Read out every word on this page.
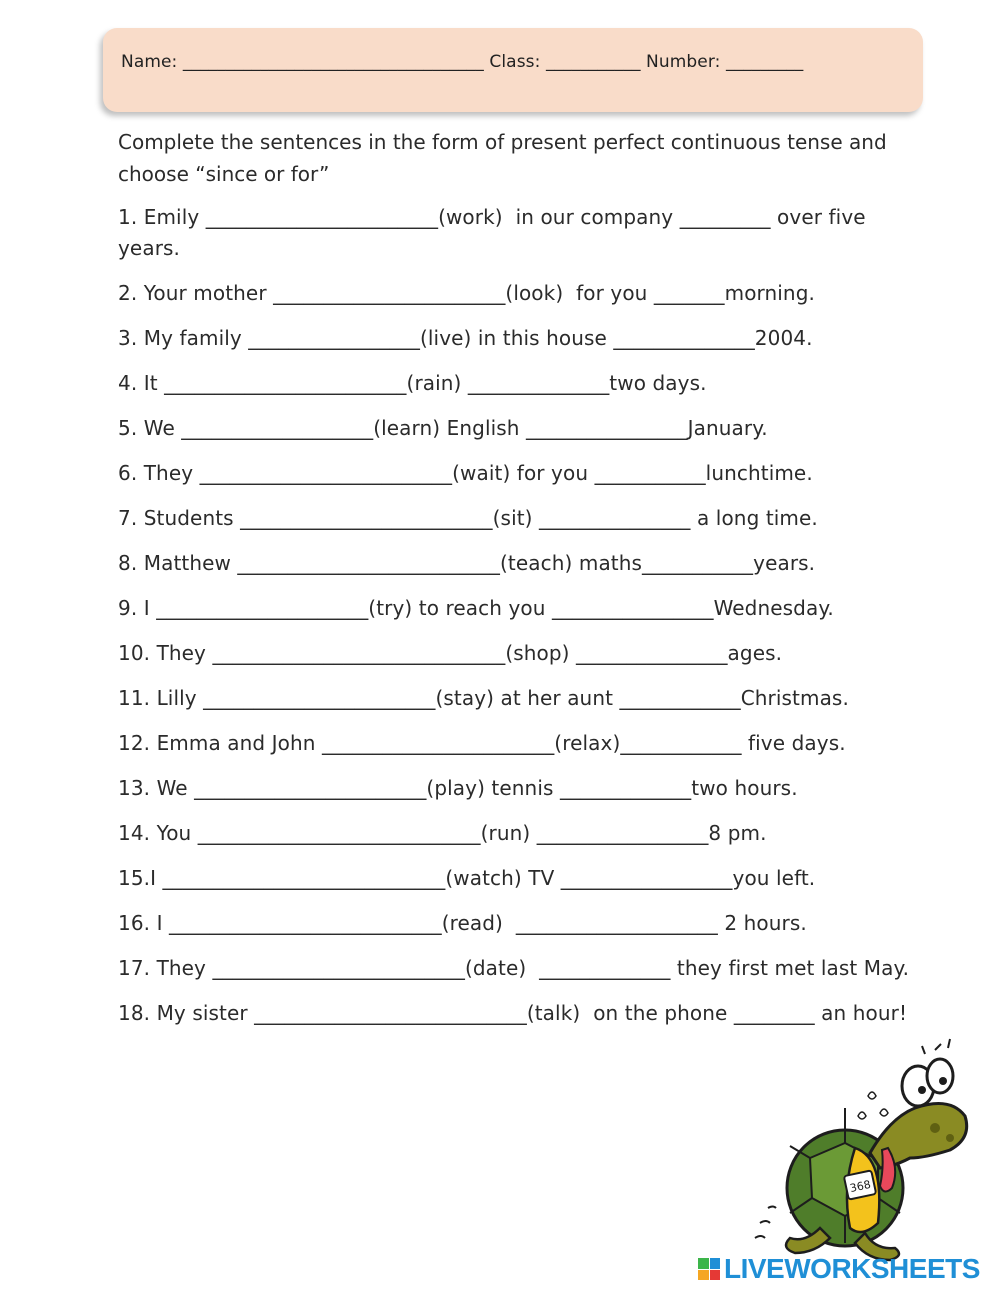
Name: ___________________________________ Class: ___________ Number: _________
Complete the sentences in the form of present perfect continuous tense and choose “since or for”

1. Emily _______________________(work)  in our company _________ over five years.

2. Your mother _______________________(look)  for you _______morning.

3. My family _________________(live) in this house ______________2004.

4. It ________________________(rain) ______________two days.

5. We ___________________(learn) English ________________January.

6. They _________________________(wait) for you ___________lunchtime.

7. Students _________________________(sit) _______________ a long time.

8. Matthew __________________________(teach) maths___________years.

9. I _____________________(try) to reach you ________________Wednesday.

10. They _____________________________(shop) _______________ages.

11. Lilly _______________________(stay) at her aunt ____________Christmas.

12. Emma and John _______________________(relax)____________ five days.

13. We _______________________(play) tennis _____________two hours.

14. You ____________________________(run) _________________8 pm.

15.I ____________________________(watch) TV _________________you left.

16. I ___________________________(read)  ____________________ 2 hours.

17. They _________________________(date)  _____________ they first met last May.

18. My sister ___________________________(talk)  on the phone ________ an hour!

368
LIVEWORKSHEETS
